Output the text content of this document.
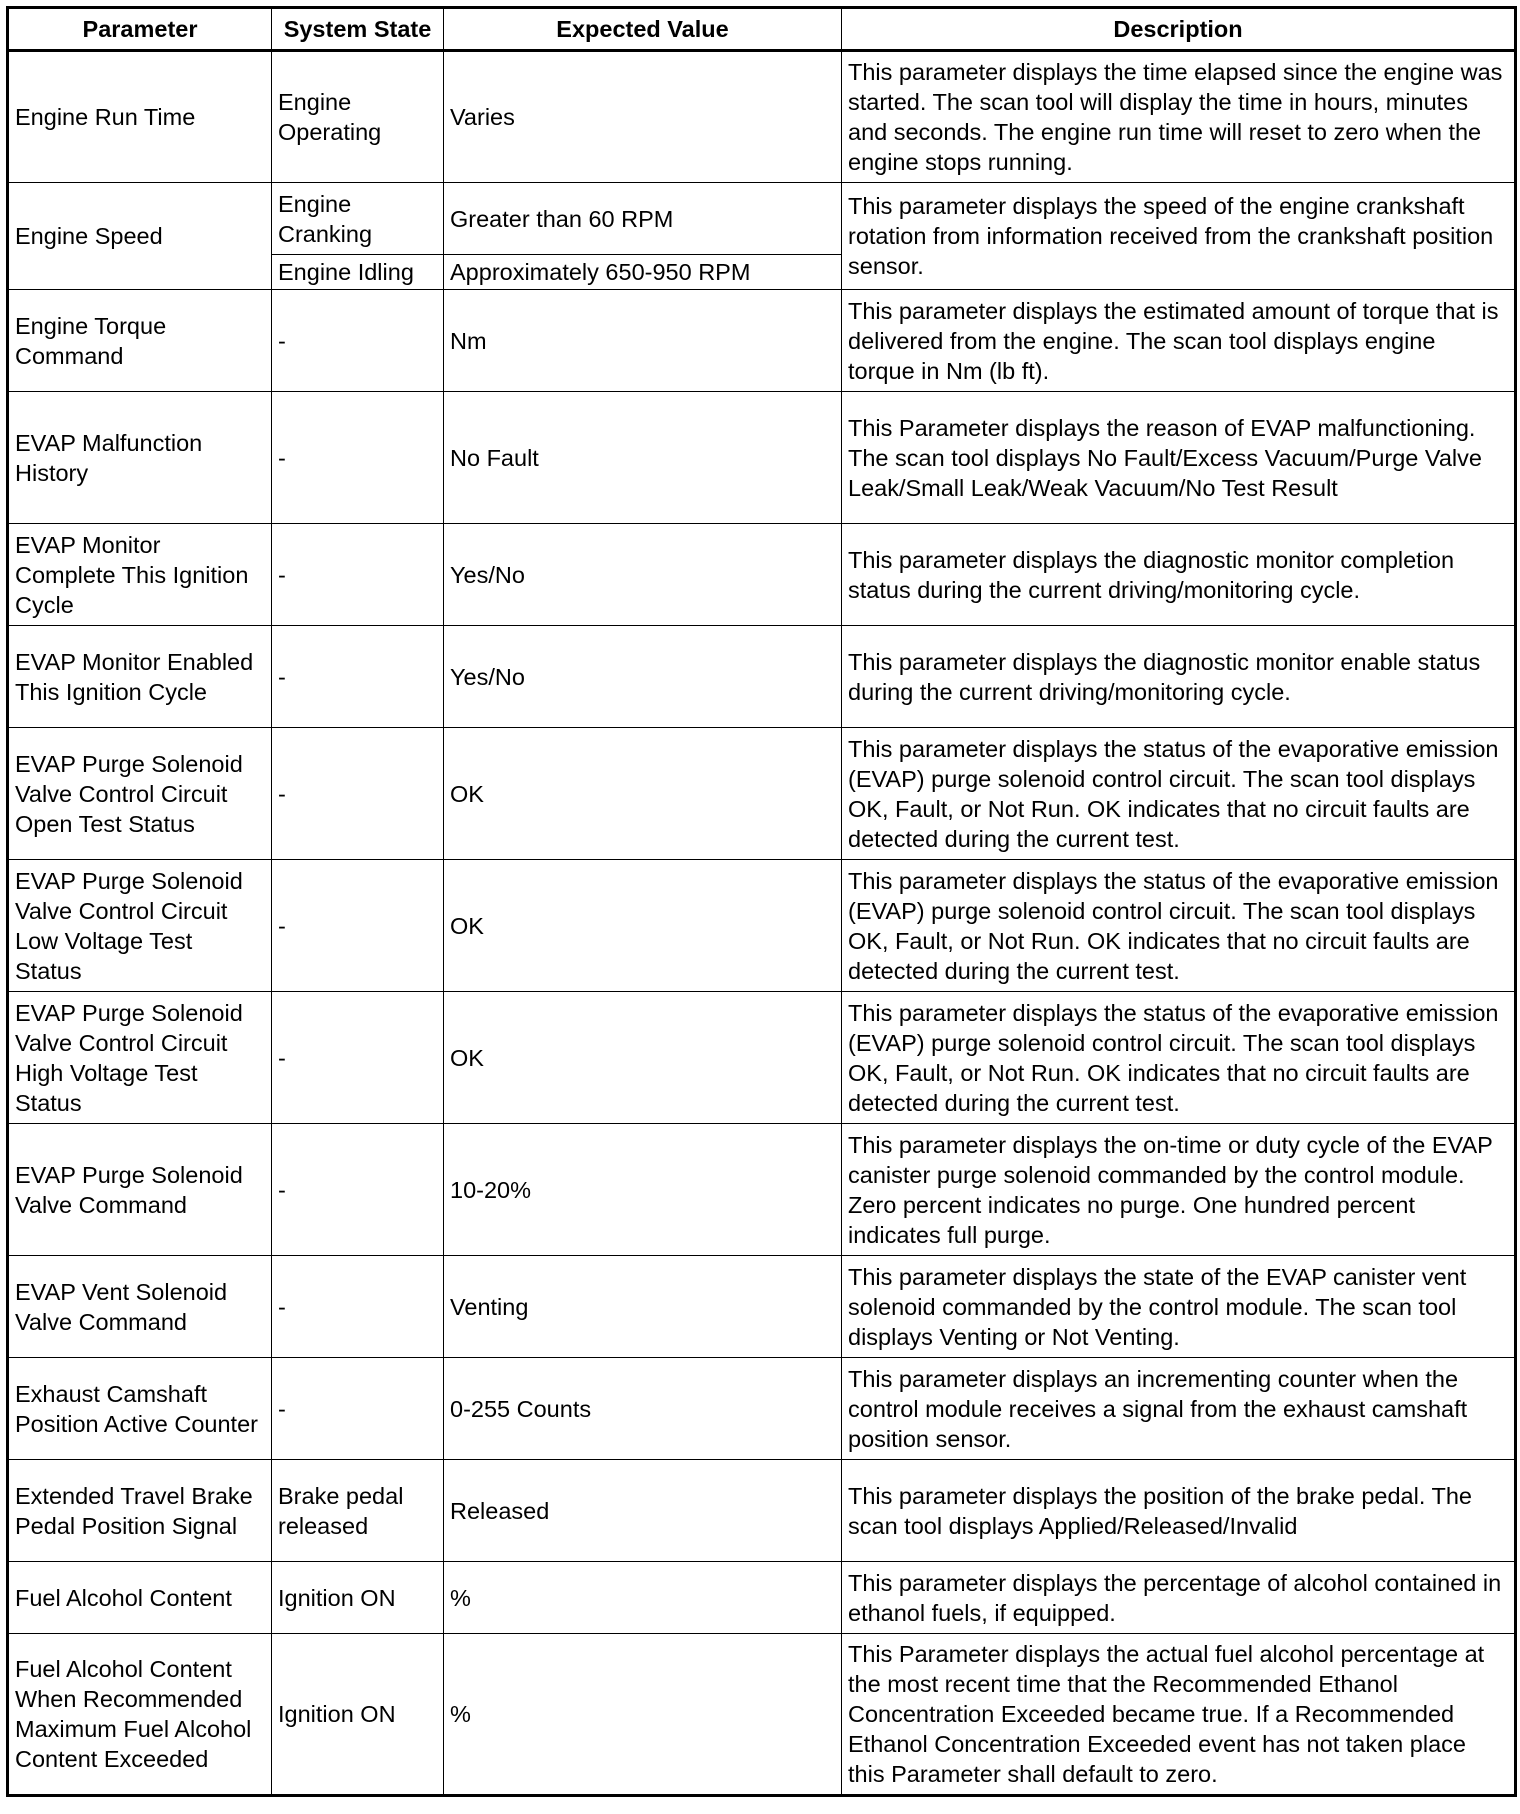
Parameter	System State	Expected Value	Description
Engine Run Time	Engine Operating	Varies	This parameter displays the time elapsed since the engine was started. The scan tool will display the time in hours, minutes and seconds. The engine run time will reset to zero when the engine stops running.
Engine Speed	Engine Cranking	Greater than 60 RPM	This parameter displays the speed of the engine crankshaft rotation from information received from the crankshaft position sensor.
	Engine Idling	Approximately 650-950 RPM	
Engine Torque Command	-	Nm	This parameter displays the estimated amount of torque that is delivered from the engine. The scan tool displays engine torque in Nm (lb ft).
EVAP Malfunction History	-	No Fault	This Parameter displays the reason of EVAP malfunctioning. The scan tool displays No Fault/Excess Vacuum/Purge Valve Leak/Small Leak/Weak Vacuum/No Test Result
EVAP Monitor Complete This Ignition Cycle	-	Yes/No	This parameter displays the diagnostic monitor completion status during the current driving/monitoring cycle.
EVAP Monitor Enabled This Ignition Cycle	-	Yes/No	This parameter displays the diagnostic monitor enable status during the current driving/monitoring cycle.
EVAP Purge Solenoid Valve Control Circuit Open Test Status	-	OK	This parameter displays the status of the evaporative emission (EVAP) purge solenoid control circuit. The scan tool displays OK, Fault, or Not Run. OK indicates that no circuit faults are detected during the current test.
EVAP Purge Solenoid Valve Control Circuit Low Voltage Test Status	-	OK	This parameter displays the status of the evaporative emission (EVAP) purge solenoid control circuit. The scan tool displays OK, Fault, or Not Run. OK indicates that no circuit faults are detected during the current test.
EVAP Purge Solenoid Valve Control Circuit High Voltage Test Status	-	OK	This parameter displays the status of the evaporative emission (EVAP) purge solenoid control circuit. The scan tool displays OK, Fault, or Not Run. OK indicates that no circuit faults are detected during the current test.
EVAP Purge Solenoid Valve Command	-	10-20%	This parameter displays the on-time or duty cycle of the EVAP canister purge solenoid commanded by the control module. Zero percent indicates no purge. One hundred percent indicates full purge.
EVAP Vent Solenoid Valve Command	-	Venting	This parameter displays the state of the EVAP canister vent solenoid commanded by the control module. The scan tool displays Venting or Not Venting.
Exhaust Camshaft Position Active Counter	-	0-255 Counts	This parameter displays an incrementing counter when the control module receives a signal from the exhaust camshaft position sensor.
Extended Travel Brake Pedal Position Signal	Brake pedal released	Released	This parameter displays the position of the brake pedal. The scan tool displays Applied/Released/Invalid
Fuel Alcohol Content	Ignition ON	%	This parameter displays the percentage of alcohol contained in ethanol fuels, if equipped.
Fuel Alcohol Content When Recommended Maximum Fuel Alcohol Content Exceeded	Ignition ON	%	This Parameter displays the actual fuel alcohol percentage at the most recent time that the Recommended Ethanol Concentration Exceeded became true. If a Recommended Ethanol Concentration Exceeded event has not taken place this Parameter shall default to zero.
